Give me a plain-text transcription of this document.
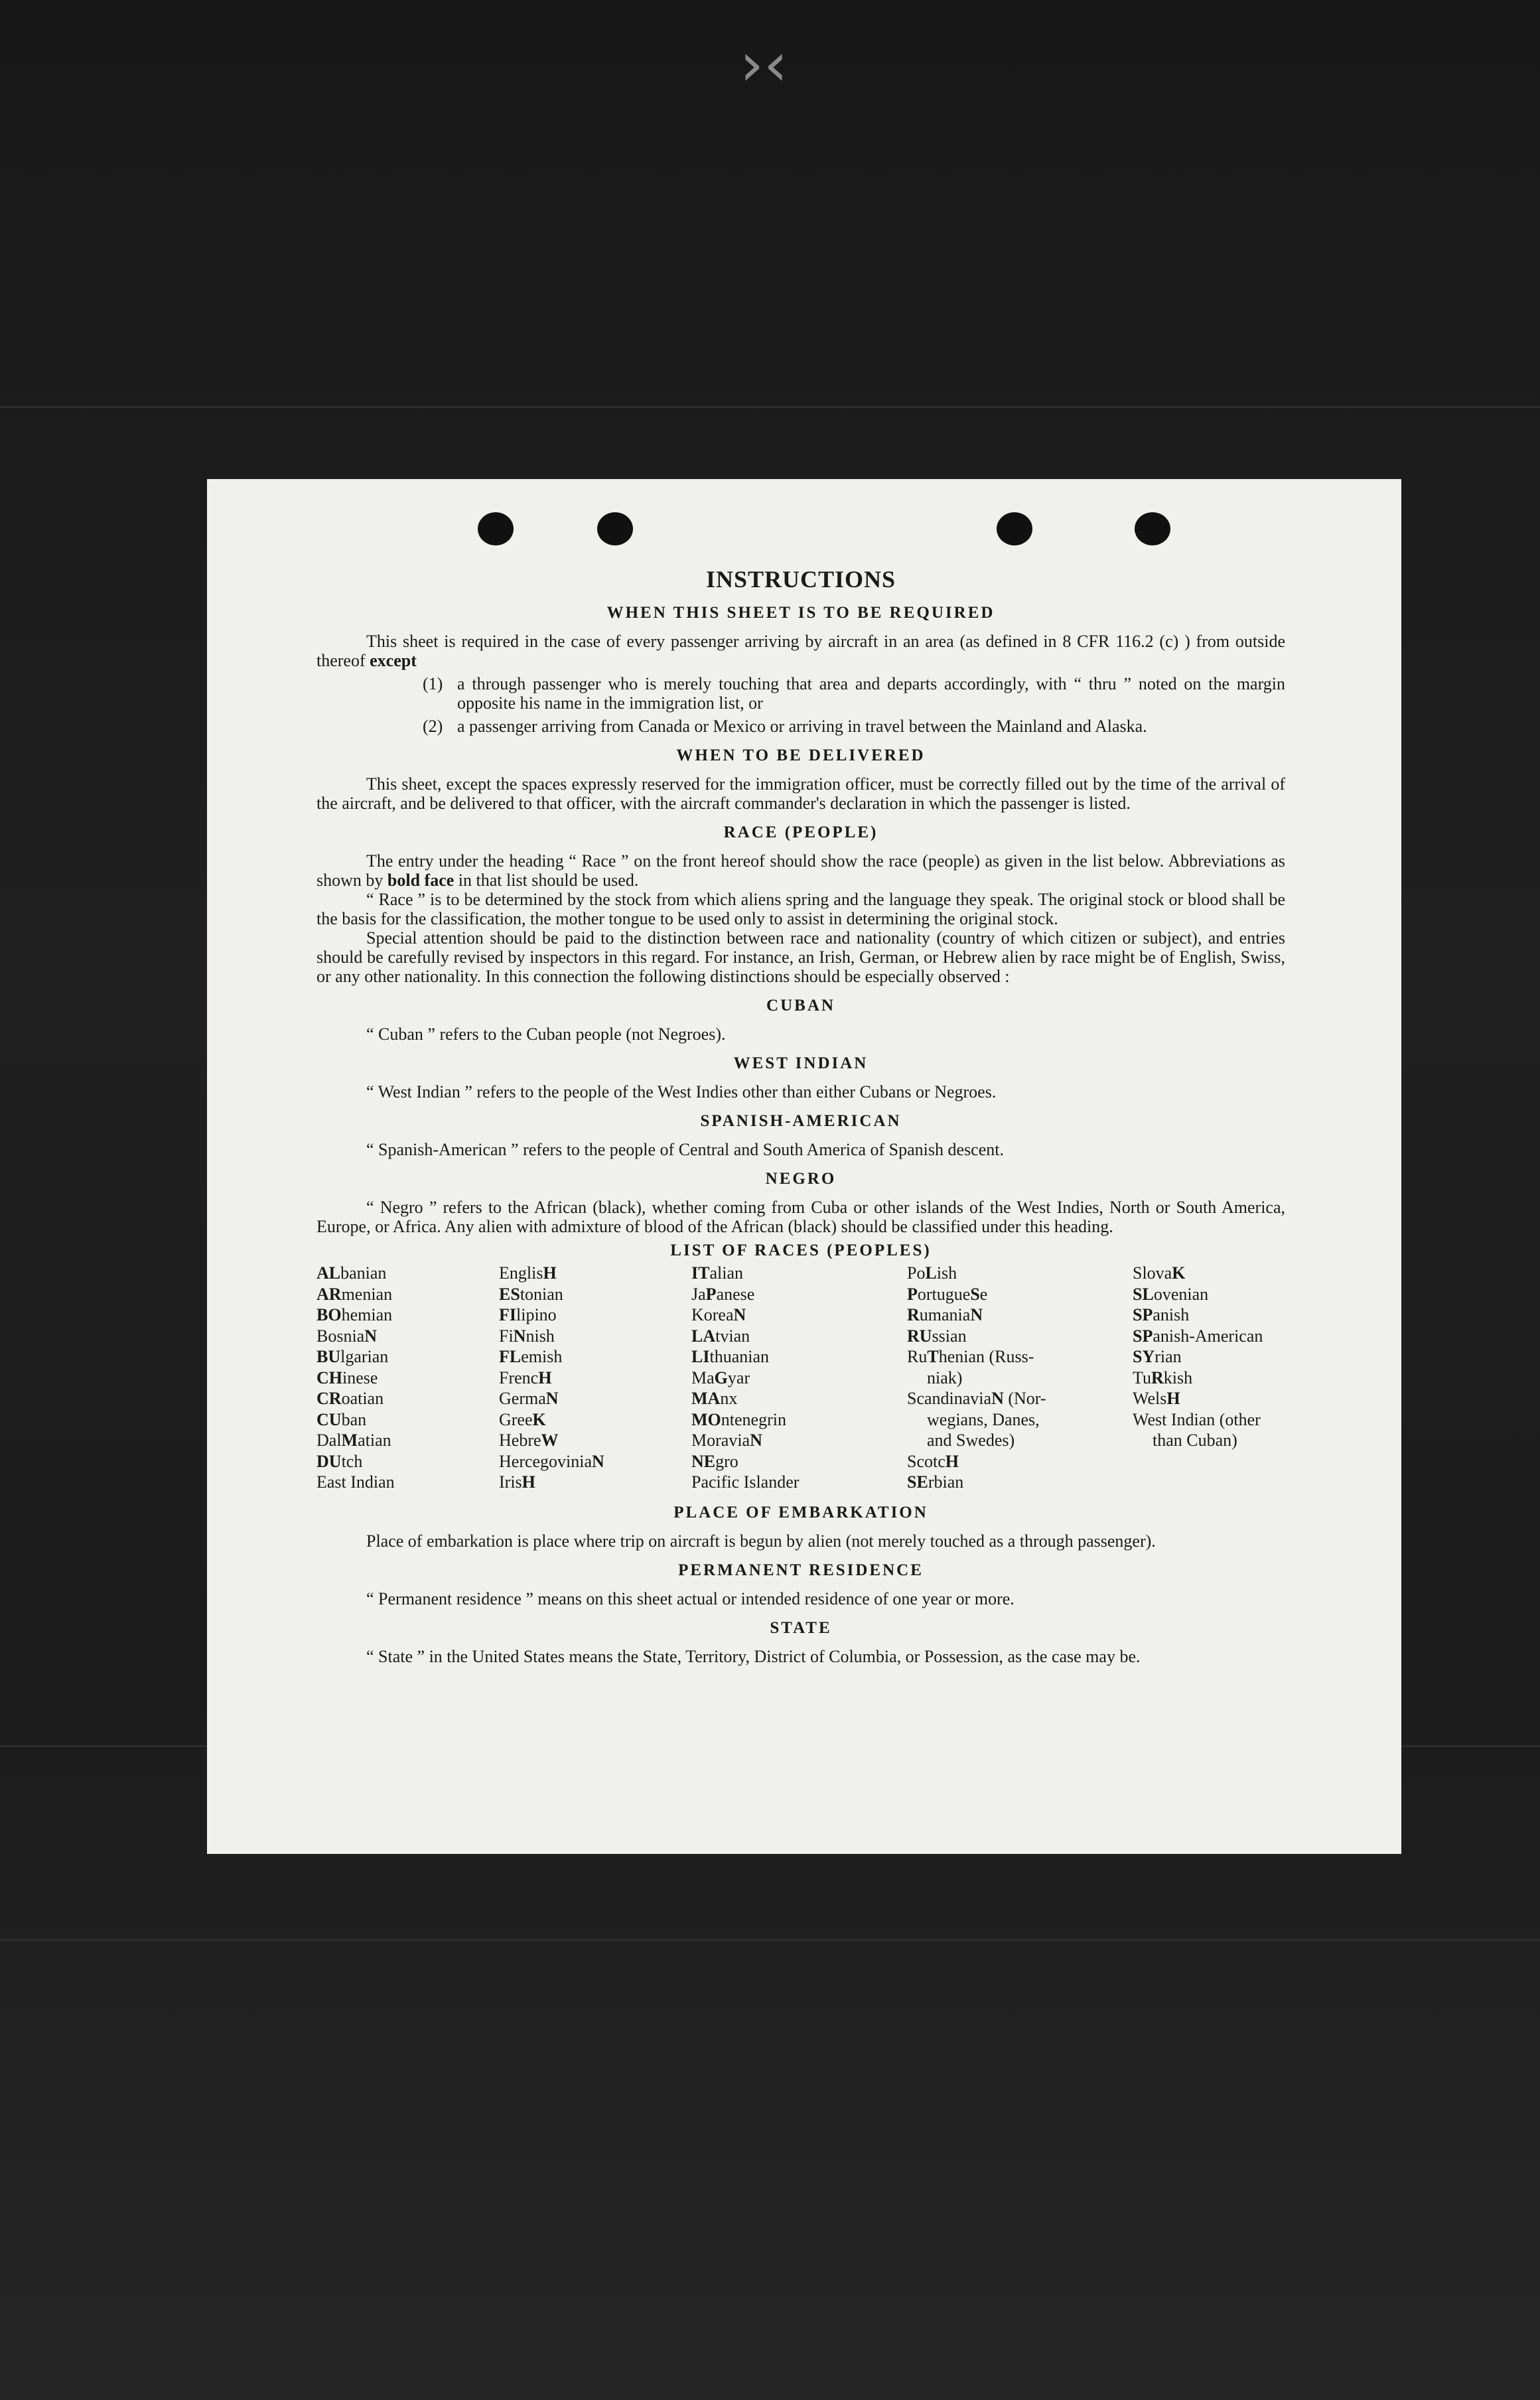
›‹
INSTRUCTIONS
WHEN THIS SHEET IS TO BE REQUIRED

This sheet is required in the case of every passenger arriving by aircraft in an area (as defined in 8 CFR 116.2 (c) ) from outside thereof except

(1) a through passenger who is merely touching that area and departs accordingly, with “ thru ” noted on the margin opposite his name in the immigration list, or
(2) a passenger arriving from Canada or Mexico or arriving in travel between the Mainland and Alaska.
WHEN TO BE DELIVERED

This sheet, except the spaces expressly reserved for the immigration officer, must be correctly filled out by the time of the arrival of the aircraft, and be delivered to that officer, with the aircraft commander's declaration in which the passenger is listed.

RACE (PEOPLE)

The entry under the heading “ Race ” on the front hereof should show the race (people) as given in the list below. Abbreviations as shown by bold face in that list should be used.

“ Race ” is to be determined by the stock from which aliens spring and the language they speak. The original stock or blood shall be the basis for the classification, the mother tongue to be used only to assist in determining the original stock.

Special attention should be paid to the distinction between race and nationality (country of which citizen or subject), and entries should be carefully revised by inspectors in this regard. For instance, an Irish, German, or Hebrew alien by race might be of English, Swiss, or any other nationality. In this connection the following distinctions should be especially observed :

CUBAN

“ Cuban ” refers to the Cuban people (not Negroes).

WEST INDIAN

“ West Indian ” refers to the people of the West Indies other than either Cubans or Negroes.

SPANISH-AMERICAN

“ Spanish-American ” refers to the people of Central and South America of Spanish descent.

NEGRO

“ Negro ” refers to the African (black), whether coming from Cuba or other islands of the West Indies, North or South America, Europe, or Africa. Any alien with admixture of blood of the African (black) should be classified under this heading.

LIST OF RACES (PEOPLES)
ALbanian
ARmenian
BOhemian
BosniaN
BUlgarian
CHinese
CRoatian
CUban
DalMatian
DUtch
East Indian
EnglisH
EStonian
FIlipino
FiNnish
FLemish
FrencH
GermaN
GreeK
HebreW
HercegoviniaN
IrisH
ITalian
JaPanese
KoreaN
LAtvian
LIthuanian
MaGyar
MAnx
MOntenegrin
MoraviaN
NEgro
Pacific Islander
PoLish
PortugueSe
RumaniaN
RUssian
RuThenian (Russ-
niak)
ScandinaviaN (Nor-
wegians, Danes,
and Swedes)
ScotcH
SErbian
SlovaK
SLovenian
SPanish
SPanish-American
SYrian
TuRkish
WelsH
West Indian (other
than Cuban)
PLACE OF EMBARKATION

Place of embarkation is place where trip on aircraft is begun by alien (not merely touched as a through passenger).

PERMANENT RESIDENCE

“ Permanent residence ” means on this sheet actual or intended residence of one year or more.

STATE

“ State ” in the United States means the State, Territory, District of Columbia, or Possession, as the case may be.
